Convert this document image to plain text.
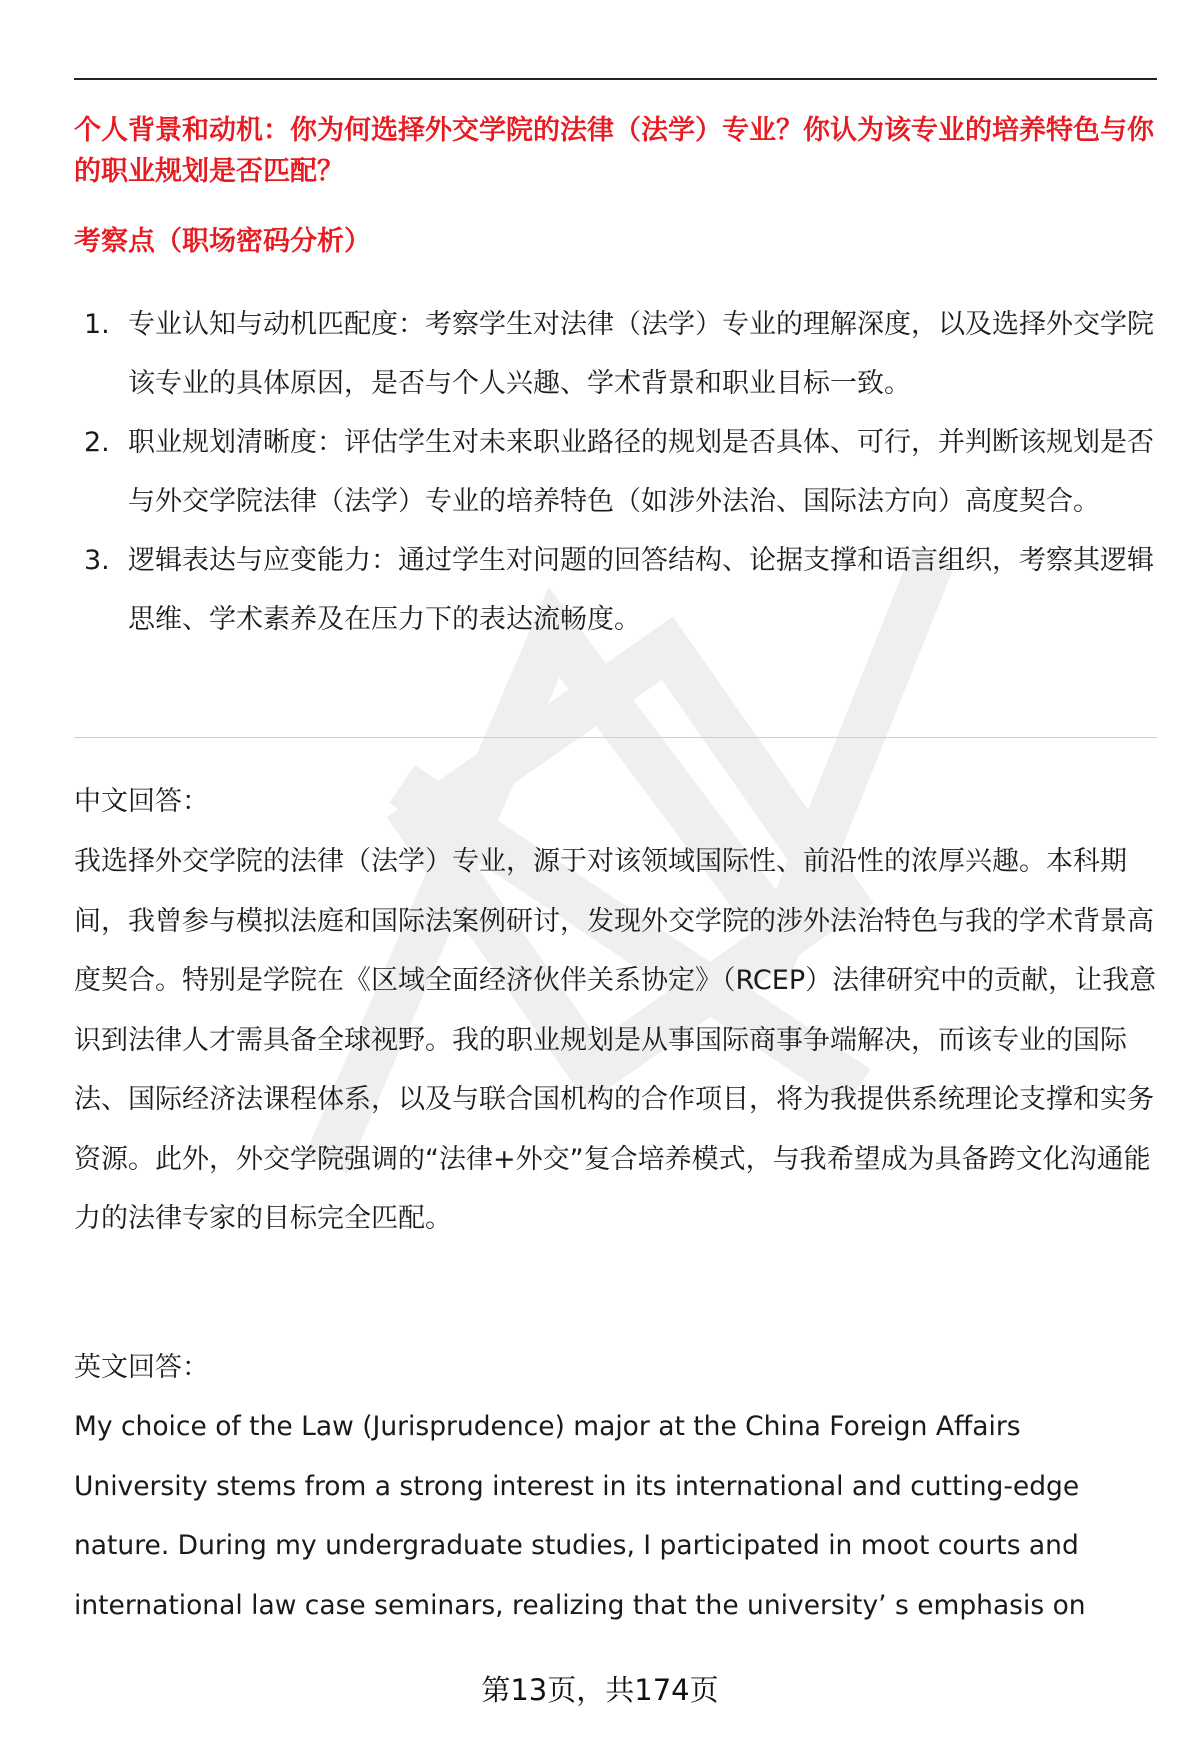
个人背景和动机：你为何选择外交学院的法律（法学）专业？你认为该专业的培养特色与你的职业规划是否匹配？
考察点（职场密码分析）
1. 专业认知与动机匹配度：考察学生对法律（法学）专业的理解深度，以及选择外交学院该专业的具体原因，是否与个人兴趣、学术背景和职业目标一致。
2. 职业规划清晰度：评估学生对未来职业路径的规划是否具体、可行，并判断该规划是否与外交学院法律（法学）专业的培养特色（如涉外法治、国际法方向）高度契合。
3. 逻辑表达与应变能力：通过学生对问题的回答结构、论据支撑和语言组织，考察其逻辑思维、学术素养及在压力下的表达流畅度。
中文回答：

我选择外交学院的法律（法学）专业，源于对该领域国际性、前沿性的浓厚兴趣。本科期间，我曾参与模拟法庭和国际法案例研讨，发现外交学院的涉外法治特色与我的学术背景高度契合。特别是学院在《区域全面经济伙伴关系协定》（RCEP）法律研究中的贡献，让我意识到法律人才需具备全球视野。我的职业规划是从事国际商事争端解决，而该专业的国际法、国际经济法课程体系，以及与联合国机构的合作项目，将为我提供系统理论支撑和实务资源。此外，外交学院强调的“法律+外交”复合培养模式，与我希望成为具备跨文化沟通能力的法律专家的目标完全匹配。

英文回答：

My choice of the Law (Jurisprudence) major at the China Foreign Affairs University stems from a strong interest in its international and cutting-edge nature. During my undergraduate studies, I participated in moot courts and international law case seminars, realizing that the university’ s emphasis on

第13页，共174页
